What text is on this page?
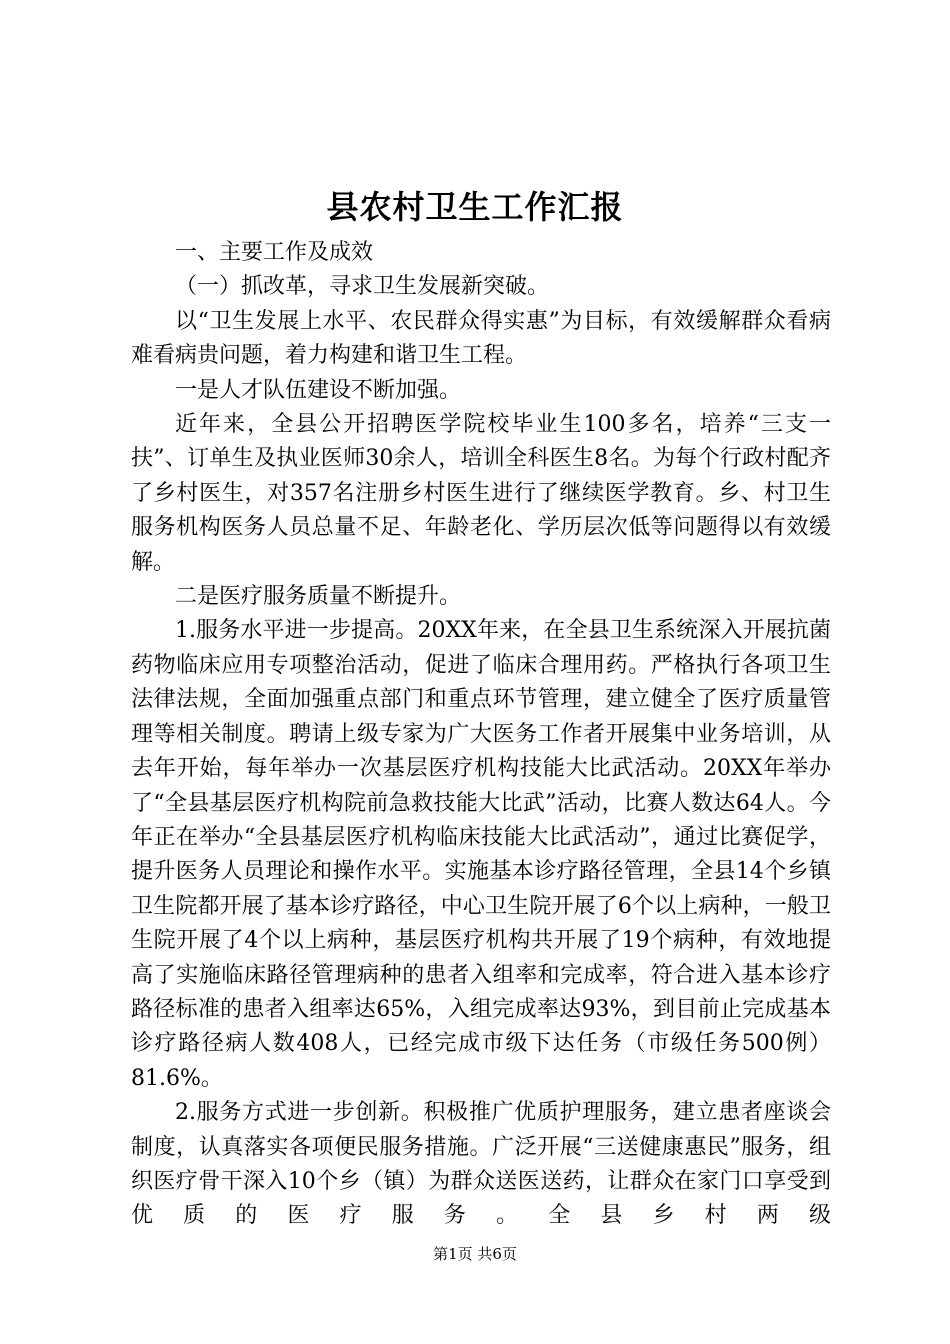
县农村卫生工作汇报

一、主要工作及成效

（一）抓改革，寻求卫生发展新突破。

以“卫生发展上水平、农民群众得实惠”为目标，有效缓解群众看病难看病贵问题，着力构建和谐卫生工程。

一是人才队伍建设不断加强。

近年来，全县公开招聘医学院校毕业生100多名，培养“三支一扶”、订单生及执业医师30余人，培训全科医生8名。为每个行政村配齐了乡村医生，对357名注册乡村医生进行了继续医学教育。乡、村卫生服务机构医务人员总量不足、年龄老化、学历层次低等问题得以有效缓解。

二是医疗服务质量不断提升。

1.服务水平进一步提高。20XX年来，在全县卫生系统深入开展抗菌药物临床应用专项整治活动，促进了临床合理用药。严格执行各项卫生法律法规，全面加强重点部门和重点环节管理，建立健全了医疗质量管理等相关制度。聘请上级专家为广大医务工作者开展集中业务培训，从去年开始，每年举办一次基层医疗机构技能大比武活动。20XX年举办了“全县基层医疗机构院前急救技能大比武”活动，比赛人数达64人。今年正在举办“全县基层医疗机构临床技能大比武活动”，通过比赛促学，提升医务人员理论和操作水平。实施基本诊疗路径管理，全县14个乡镇卫生院都开展了基本诊疗路径，中心卫生院开展了6个以上病种，一般卫生院开展了4个以上病种，基层医疗机构共开展了19个病种，有效地提高了实施临床路径管理病种的患者入组率和完成率，符合进入基本诊疗路径标准的患者入组率达65%，入组完成率达93%，到目前止完成基本诊疗路径病人数408人，已经完成市级下达任务（市级任务500例）81.6%。

2.服务方式进一步创新。积极推广优质护理服务，建立患者座谈会制度，认真落实各项便民服务措施。广泛开展“三送健康惠民”服务，组织医疗骨干深入10个乡（镇）为群众送医送药，让群众在家门口享受到优质的医疗服务。全县乡村两级

第1页 共6页
